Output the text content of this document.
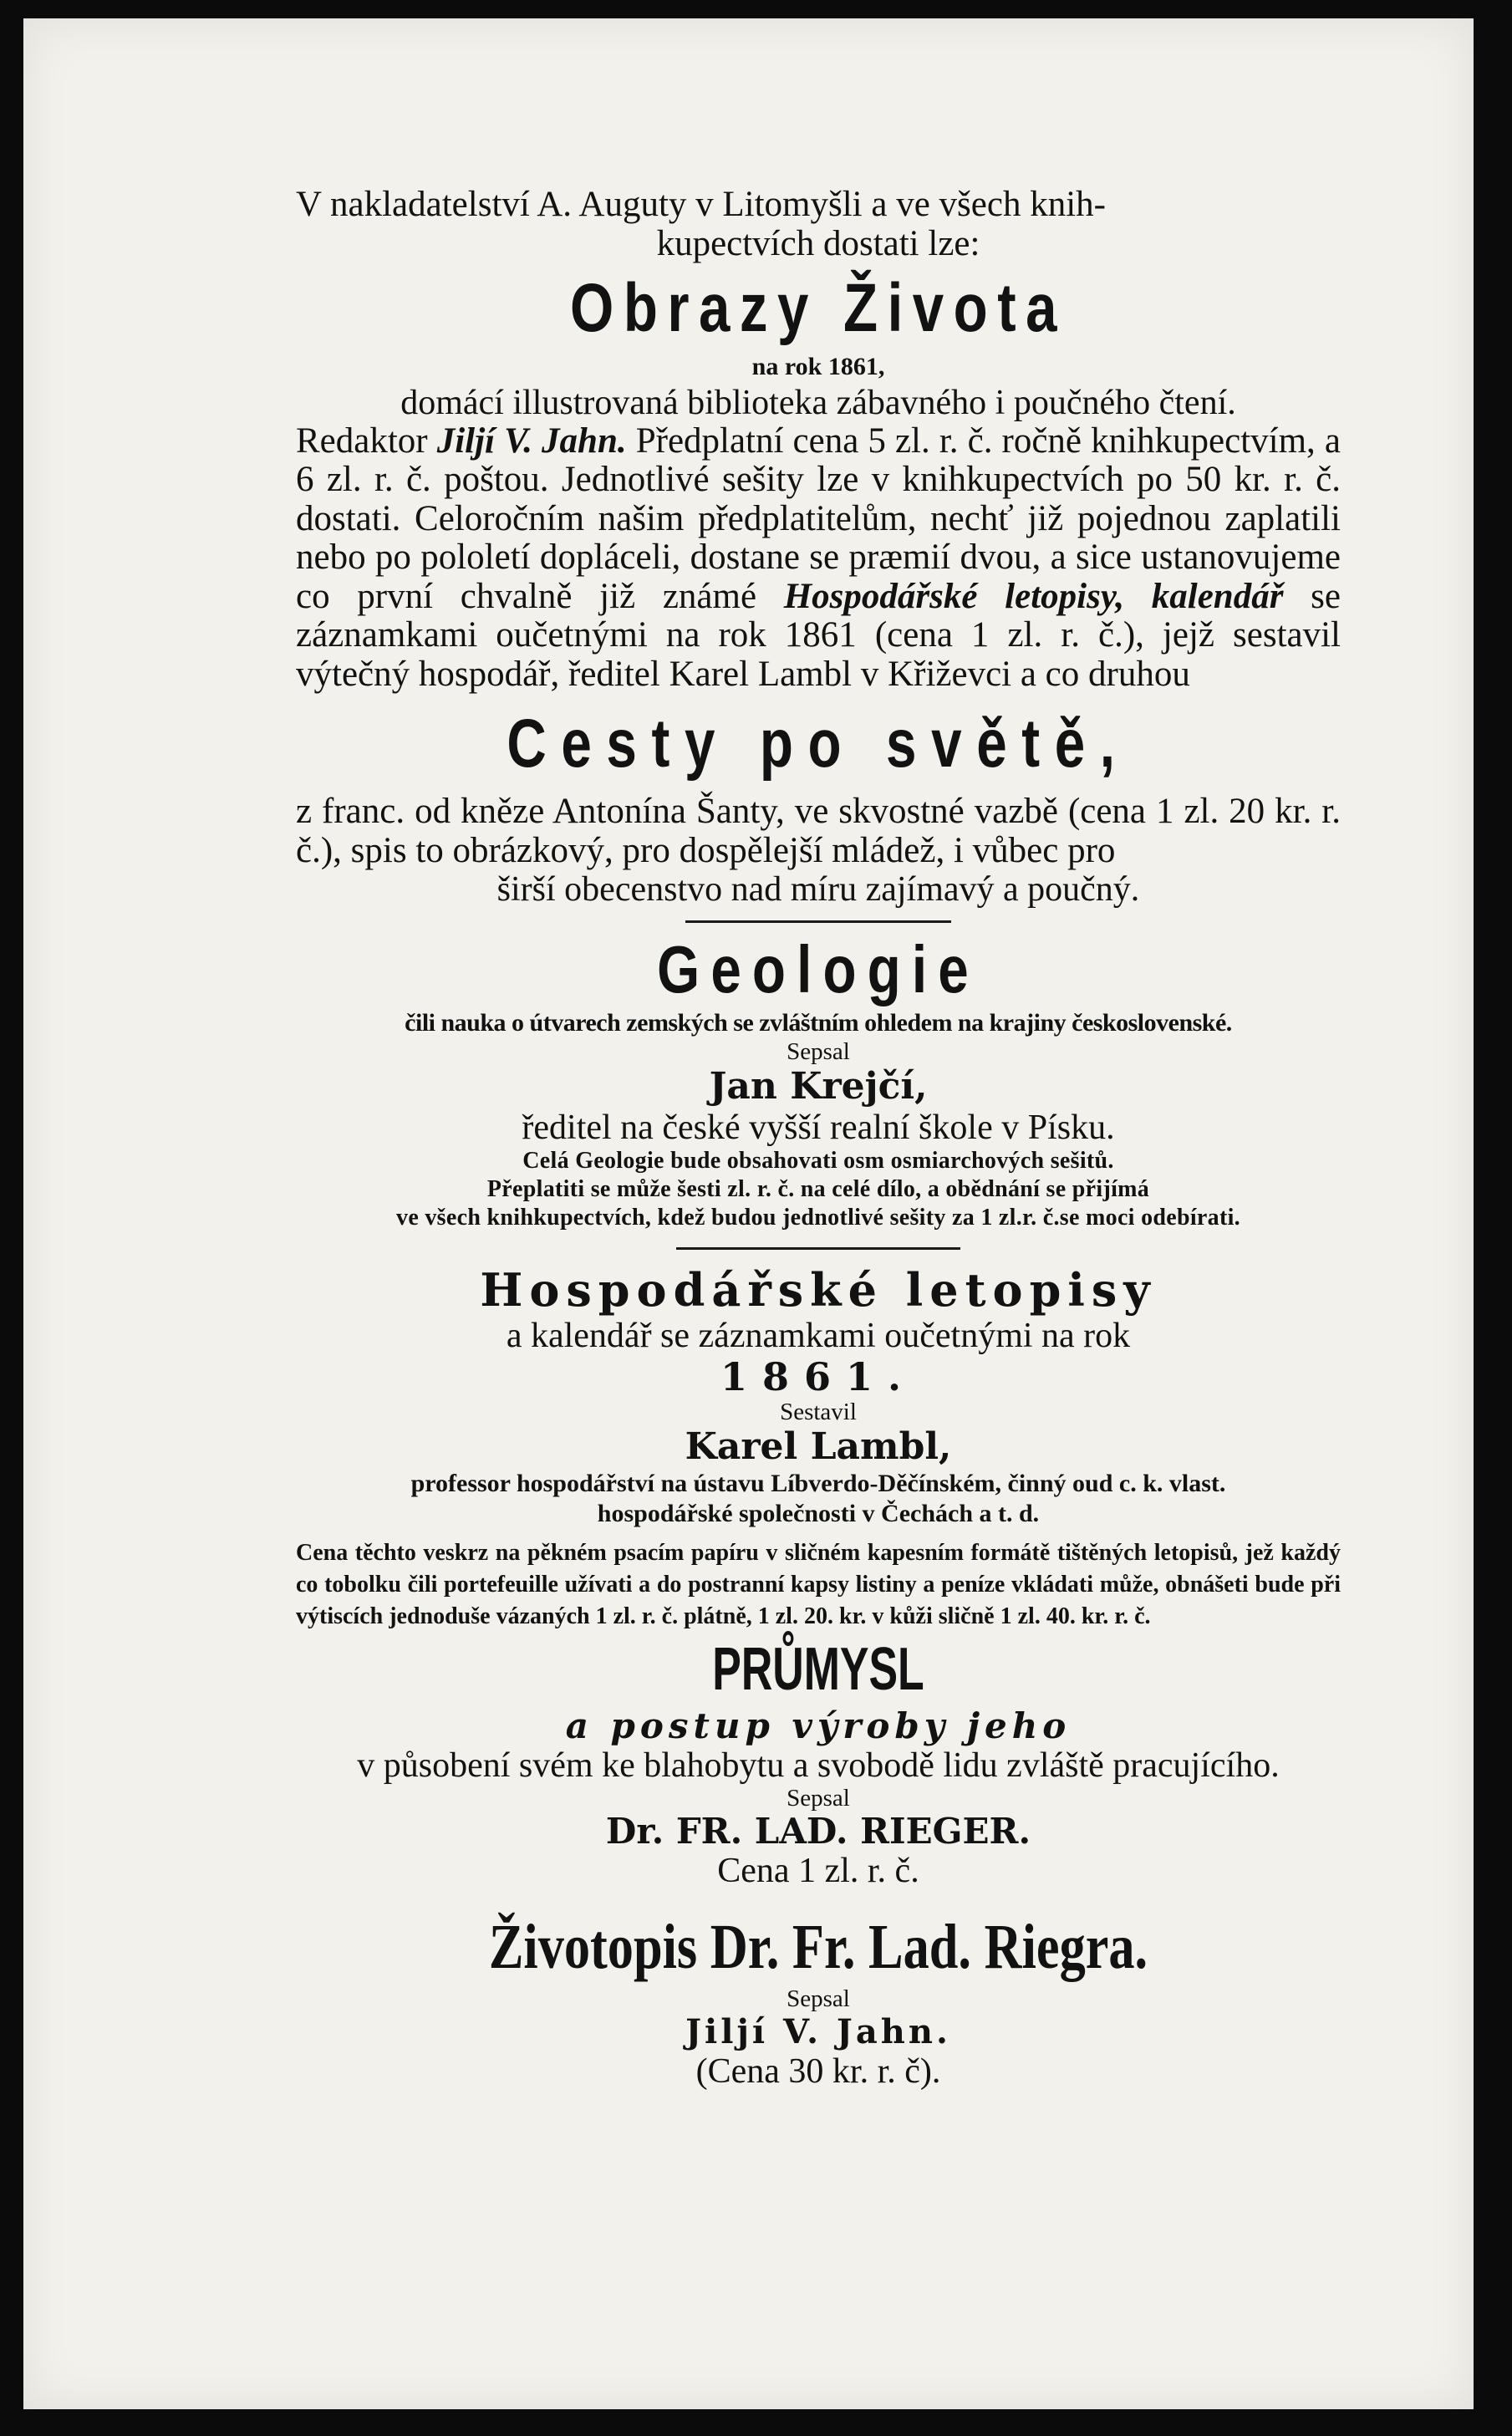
V nakladatelství A. Auguty v Litomyšli a ve všech knih-

kupectvích dostati lze:

Obrazy Života

na rok 1861,

domácí illustrovaná biblioteka zábavného i poučného čtení.

Redaktor Jiljí V. Jahn. Předplatní cena 5 zl. r. č. ročně knihkupectvím, a 6 zl. r. č. poštou. Jednotlivé sešity lze v knihkupectvích po 50 kr. r. č. dostati. Celoročním našim předplatitelům, nechť již pojednou zaplatili nebo po pololetí dopláceli, dostane se præmií dvou, a sice ustanovujeme co první chvalně již známé Hospodářské letopisy, kalendář se záznamkami oučetnými na rok 1861 (cena 1 zl. r. č.), jejž sestavil výtečný hospodář, ředitel Karel Lambl v Křiževci a co druhou

Cesty po světě,

z franc. od kněze Antonína Šanty, ve skvostné vazbě (cena 1 zl. 20 kr. r. č.), spis to obrázkový, pro dospělejší mládež, i vůbec pro

širší obecenstvo nad míru zajímavý a poučný.

Geologie

čili nauka o útvarech zemských se zvláštním ohledem na krajiny československé.

Sepsal

Jan Krejčí,

ředitel na české vyšší realní škole v Písku.

Celá Geologie bude obsahovati osm osmiarchových sešitů.

Přeplatiti se může šesti zl. r. č. na celé dílo, a obědnání se přijímá

ve všech knihkupectvích, kdež budou jednotlivé sešity za 1 zl.r. č.se moci odebírati.

Hospodářské letopisy

a kalendář se záznamkami oučetnými na rok

1861.

Sestavil

Karel Lambl,

professor hospodářství na ústavu Líbverdo-Děčínském, činný oud c. k. vlast.

hospodářské společnosti v Čechách a t. d.

Cena těchto veskrz na pěkném psacím papíru v sličném kapesním formátě tištěných letopisů, jež každý co tobolku čili portefeuille užívati a do postranní kapsy listiny a peníze vkládati může, obnášeti bude při výtiscích jednoduše vázaných 1 zl. r. č. plátně, 1 zl. 20. kr. v kůži sličně 1 zl. 40. kr. r. č.

PRŮMYSL

a postup výroby jeho

v působení svém ke blahobytu a svobodě lidu zvláště pracujícího.

Sepsal

Dr. FR. LAD. RIEGER.

Cena 1 zl. r. č.

Životopis Dr. Fr. Lad. Riegra.

Sepsal

Jiljí V. Jahn.

(Cena 30 kr. r. č).
